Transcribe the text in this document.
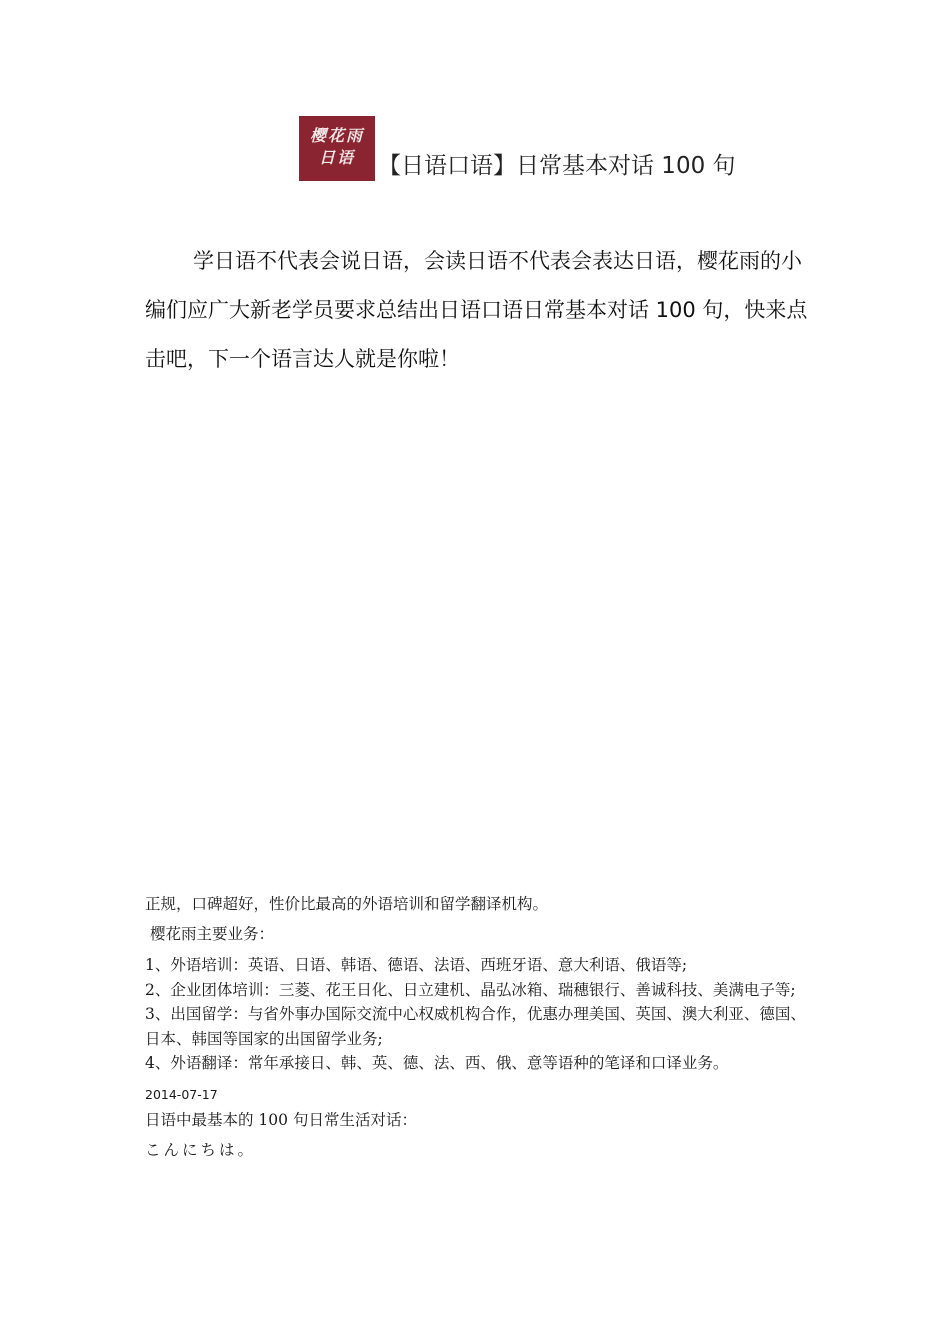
樱花雨
日语	【日语口语】日常基本对话 100 句

学日语不代表会说日语，会读日语不代表会表达日语，樱花雨的小编们应广大新老学员要求总结出日语口语日常基本对话 100 句，快来点击吧，下一个语言达人就是你啦！

正规，口碑超好，性价比最高的外语培训和留学翻译机构。

樱花雨主要业务：

1、外语培训：英语、日语、韩语、德语、法语、西班牙语、意大利语、俄语等;
2、企业团体培训：三菱、花王日化、日立建机、晶弘冰箱、瑞穗银行、善诚科技、美满电子等;
3、出国留学：与省外事办国际交流中心权威机构合作，优惠办理美国、英国、澳大利亚、德国、日本、韩国等国家的出国留学业务;
4、外语翻译：常年承接日、韩、英、德、法、西、俄、意等语种的笔译和口译业务。
2014-07-17
日语中最基本的 100 句日常生活对话：
こんにちは。
